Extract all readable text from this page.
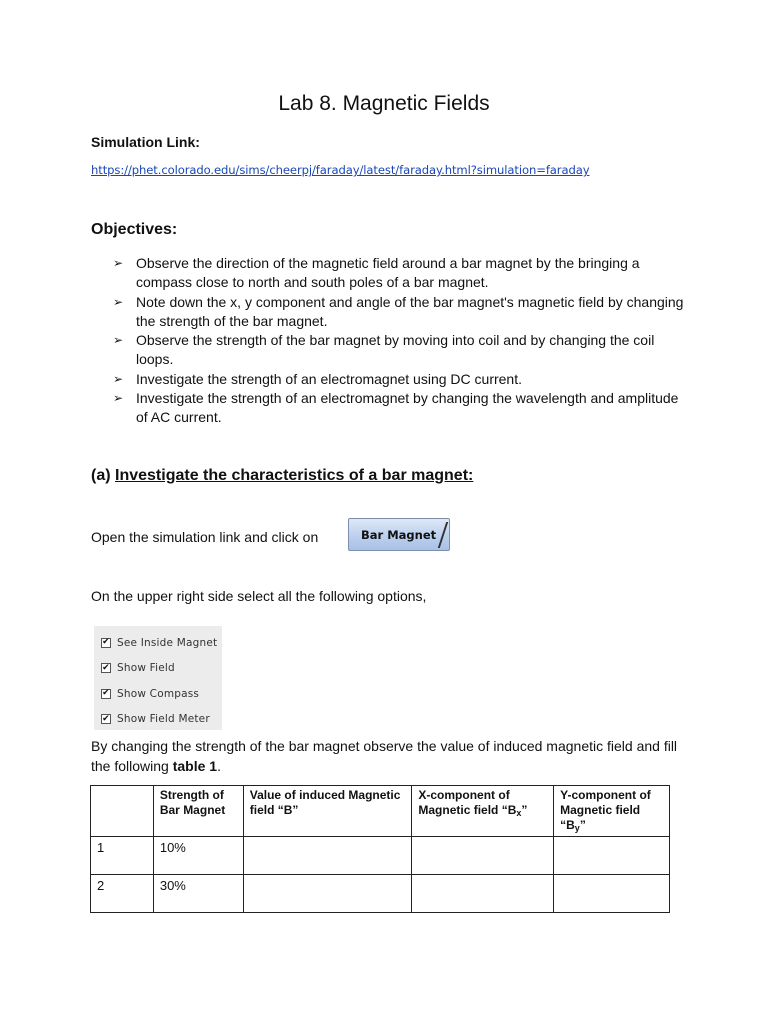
Lab 8. Magnetic Fields
Simulation Link:
https://phet.colorado.edu/sims/cheerpj/faraday/latest/faraday.html?simulation=faraday
Objectives:
➢ Observe the direction of the magnetic field around a bar magnet by the bringing a compass close to north and south poles of a bar magnet.
➢ Note down the x, y component and angle of the bar magnet's magnetic field by changing the strength of the bar magnet.
➢ Observe the strength of the bar magnet by moving into coil and by changing the coil loops.
➢ Investigate the strength of an electromagnet using DC current.
➢ Investigate the strength of an electromagnet by changing the wavelength and amplitude of AC current.
(a) Investigate the characteristics of a bar magnet:
Open the simulation link and click on	Bar Magnet
On the upper right side select all the following options,
✔ See Inside Magnet
✔ Show Field
✔ Show Compass
✔ Show Field Meter

By changing the strength of the bar magnet observe the value of induced magnetic field and fill the following table 1.

	Strength of Bar Magnet	Value of induced Magnetic field “B”	X-component of Magnetic field “$B_x$”	Y-component of Magnetic field “$B_y$”
1	10%			
2	30%			
